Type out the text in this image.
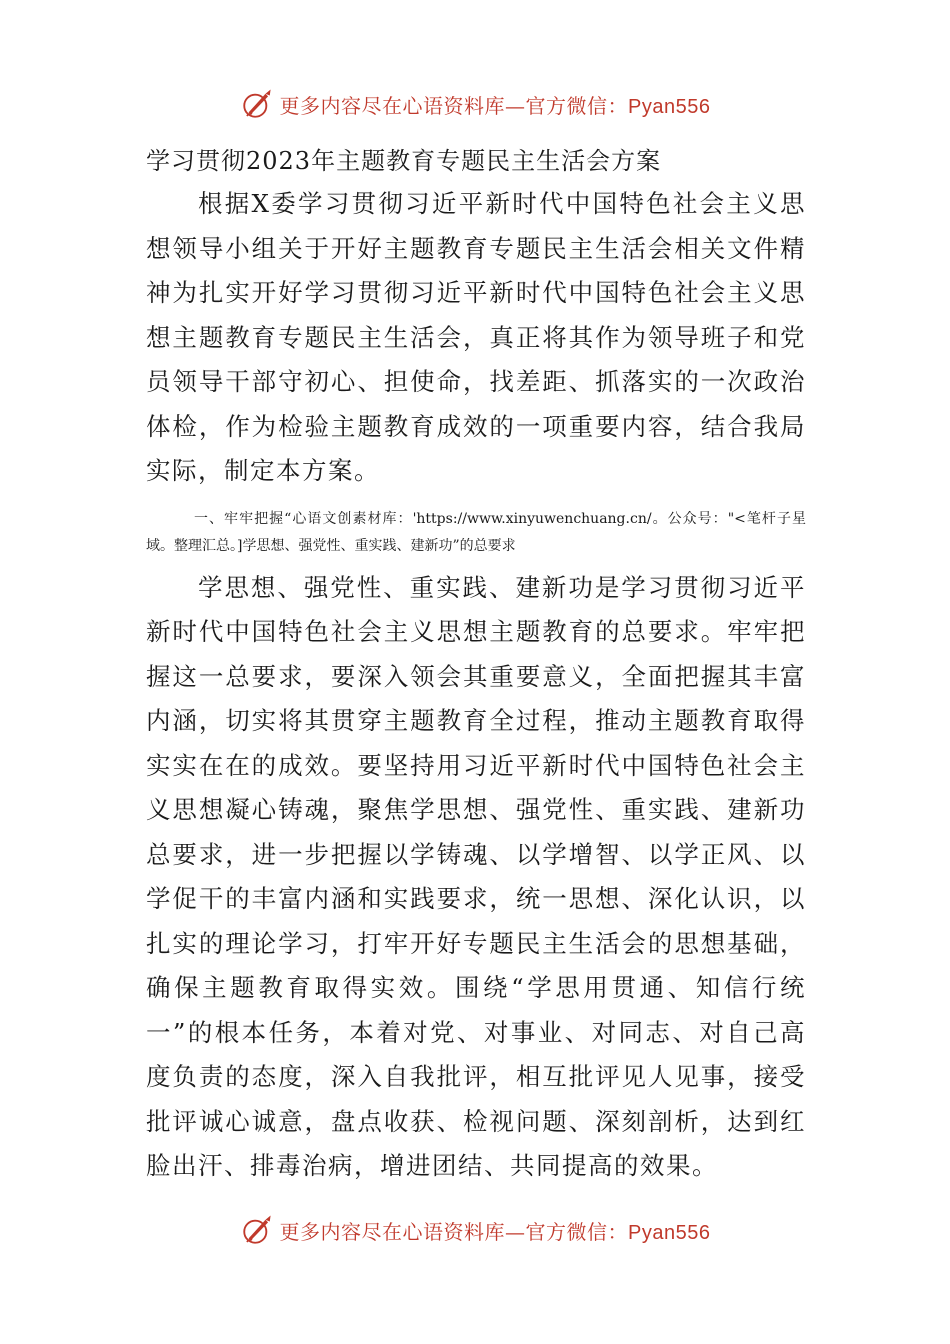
更多内容尽在心语资料库—官方微信：Pyan556
学习贯彻2023年主题教育专题民主生活会方案

根据X委学习贯彻习近平新时代中国特色社会主义思想领导小组关于开好主题教育专题民主生活会相关文件精神为扎实开好学习贯彻习近平新时代中国特色社会主义思想主题教育专题民主生活会，真正将其作为领导班子和党员领导干部守初心、担使命，找差距、抓落实的一次政治体检，作为检验主题教育成效的一项重要内容，结合我局实际，制定本方案。

一、牢牢把握“心语文创素材库：'https://www.xinyuwenchuang.cn/。公众号："<笔杆子星域。整理汇总。]学思想、强党性、重实践、建新功”的总要求

学思想、强党性、重实践、建新功是学习贯彻习近平新时代中国特色社会主义思想主题教育的总要求。牢牢把握这一总要求，要深入领会其重要意义，全面把握其丰富内涵，切实将其贯穿主题教育全过程，推动主题教育取得实实在在的成效。要坚持用习近平新时代中国特色社会主义思想凝心铸魂，聚焦学思想、强党性、重实践、建新功总要求，进一步把握以学铸魂、以学增智、以学正风、以学促干的丰富内涵和实践要求，统一思想、深化认识，以扎实的理论学习，打牢开好专题民主生活会的思想基础，确保主题教育取得实效。围绕“学思用贯通、知信行统一”的根本任务，本着对党、对事业、对同志、对自己高度负责的态度，深入自我批评，相互批评见人见事，接受批评诚心诚意，盘点收获、检视问题、深刻剖析，达到红脸出汗、排毒治病，增进团结、共同提高的效果。

更多内容尽在心语资料库—官方微信：Pyan556
